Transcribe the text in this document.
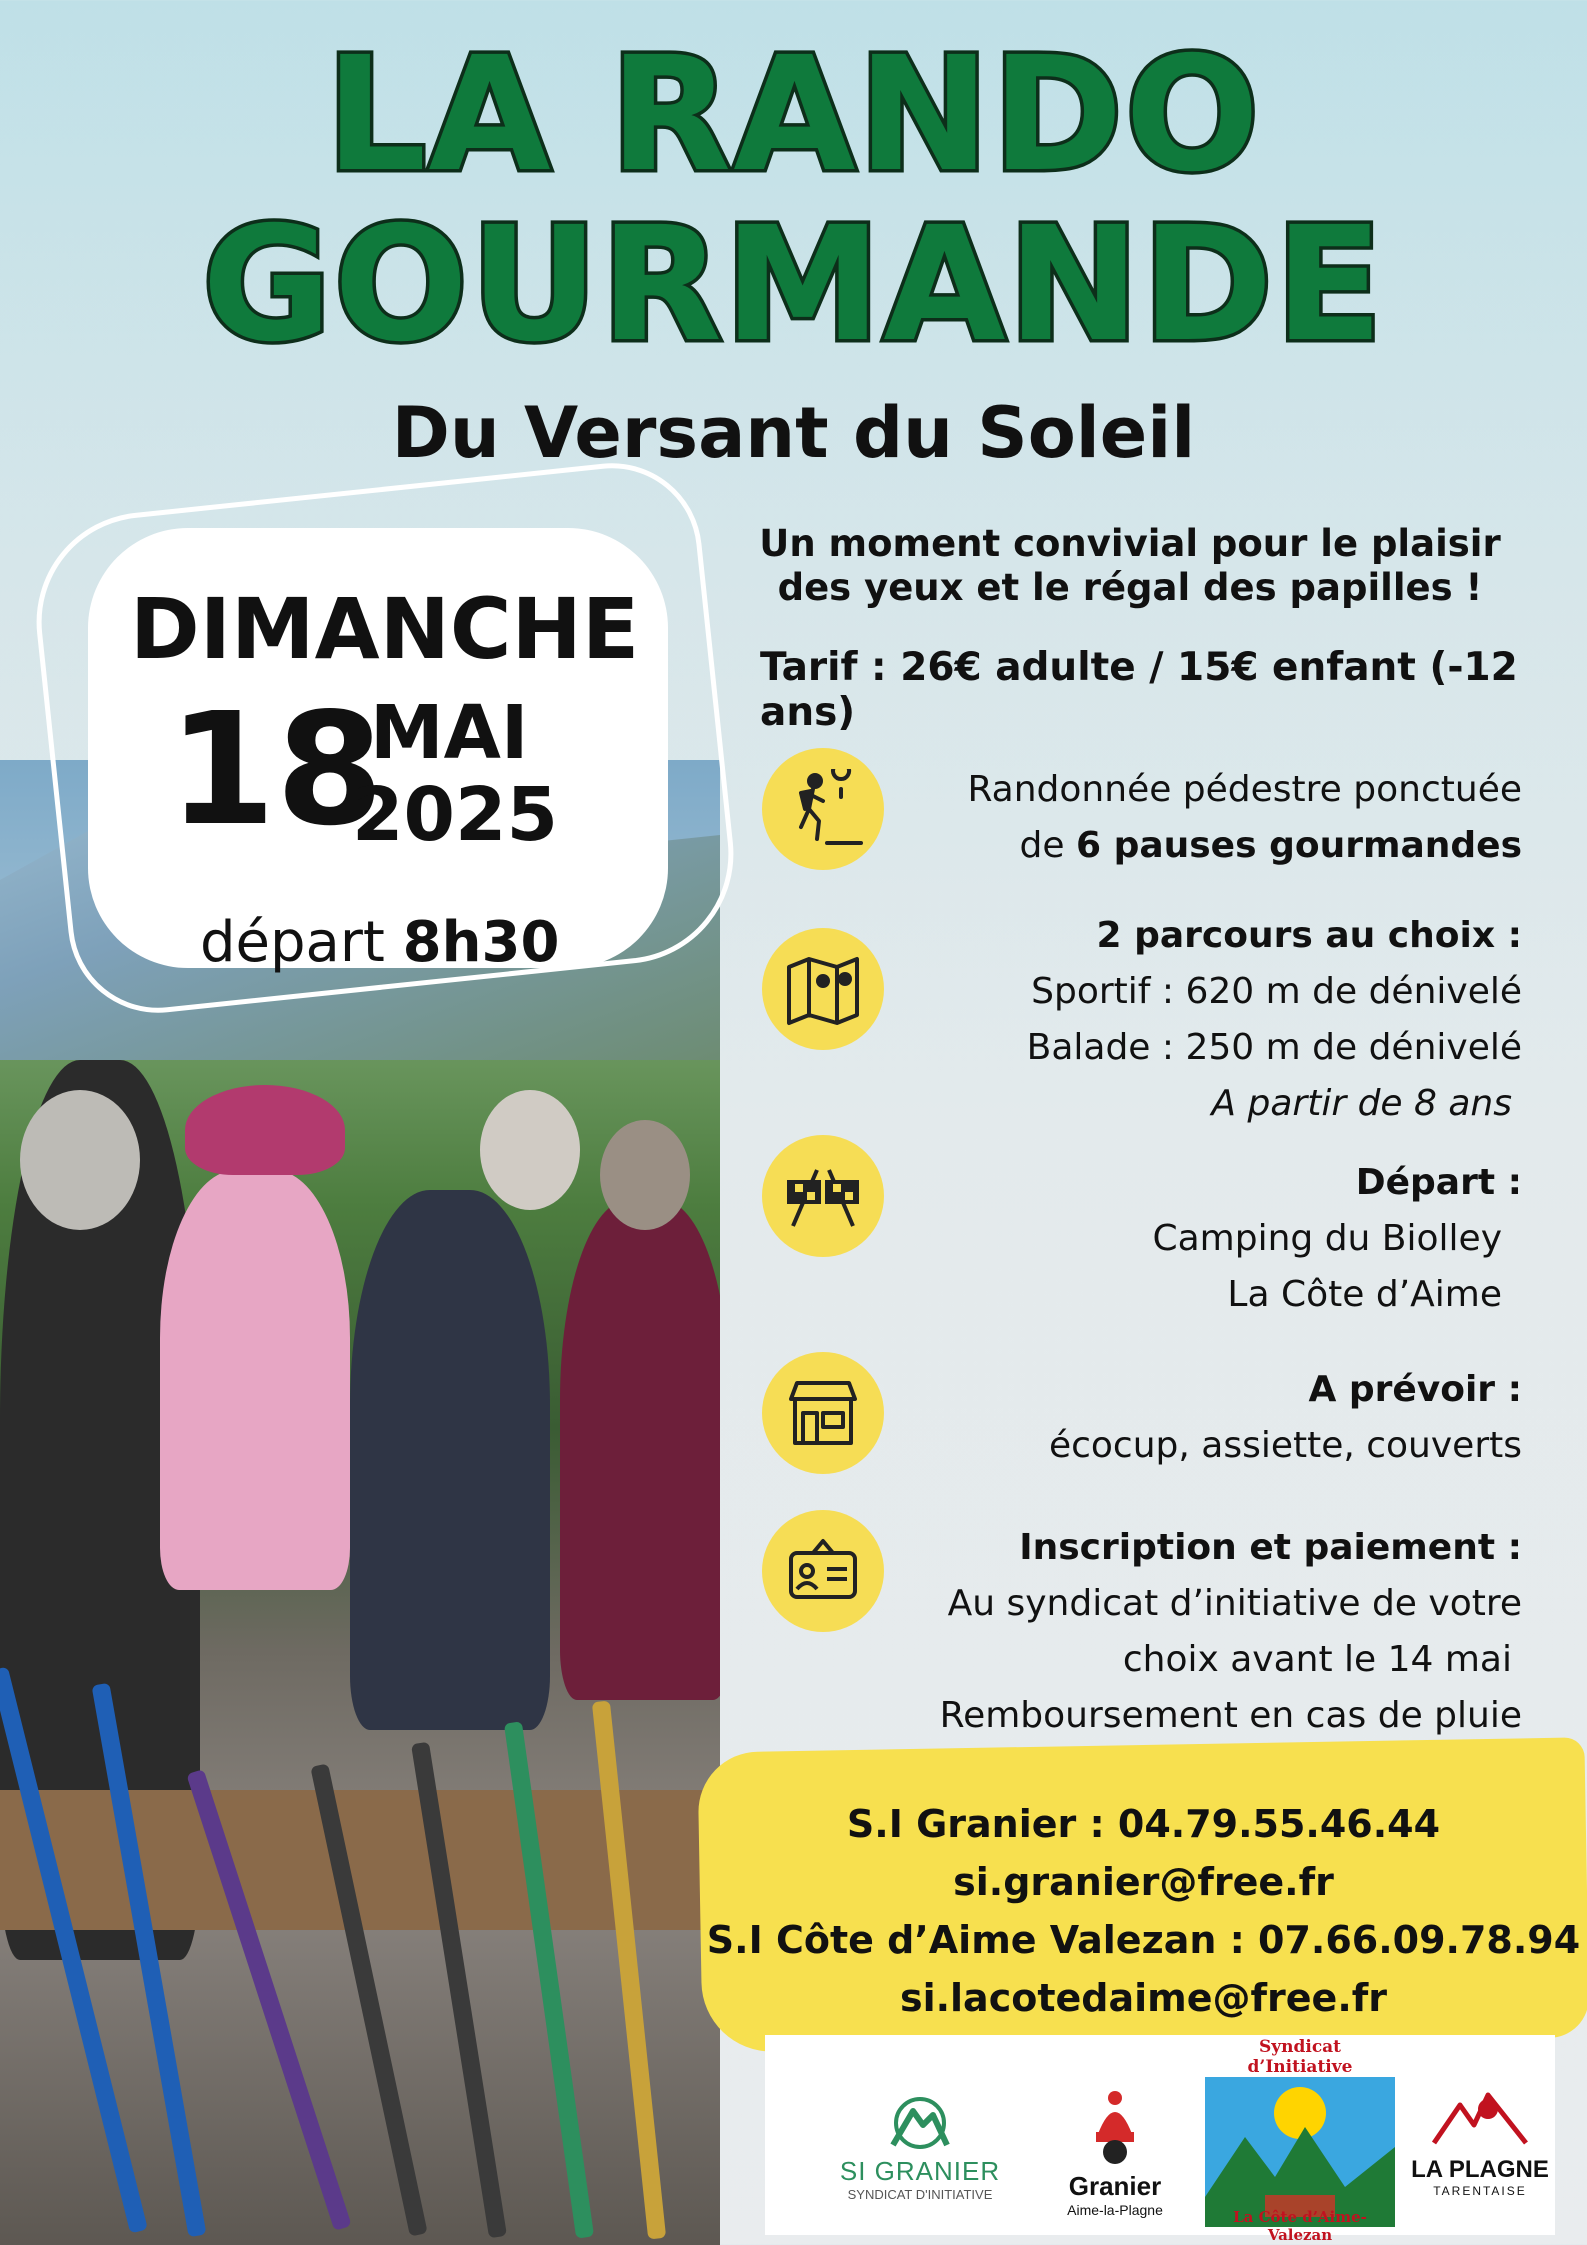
LA RANDO
GOURMANDE
Du Versant du Soleil
DIMANCHE
18
MAI
2025
départ 8h30
Un moment convivial pour le plaisir
des yeux et le régal des papilles !
Tarif : 26€ adulte / 15€ enfant (-12 ans)
Randonnée pédestre ponctuée
de 6 pauses gourmandes
2 parcours au choix :
Sportif : 620 m de dénivelé
Balade : 250 m de dénivelé
A partir de 8 ans
Départ :
Camping du Biolley
La Côte d’Aime
A prévoir :
écocup, assiette, couverts
Inscription et paiement :
Au syndicat d’initiative de votre
choix avant le 14 mai
Remboursement en cas de pluie
S.I Granier : 04.79.55.46.44
si.granier@free.fr
S.I Côte d’Aime Valezan : 07.66.09.78.94
si.lacotedaime@free.fr
SI GRANIER
SYNDICAT D'INITIATIVE	Granier
Aime-la-Plagne
Syndicat d’Initiative
La Côte d’Aime-Valezan
LA PLAGNE
TARENTAISE
